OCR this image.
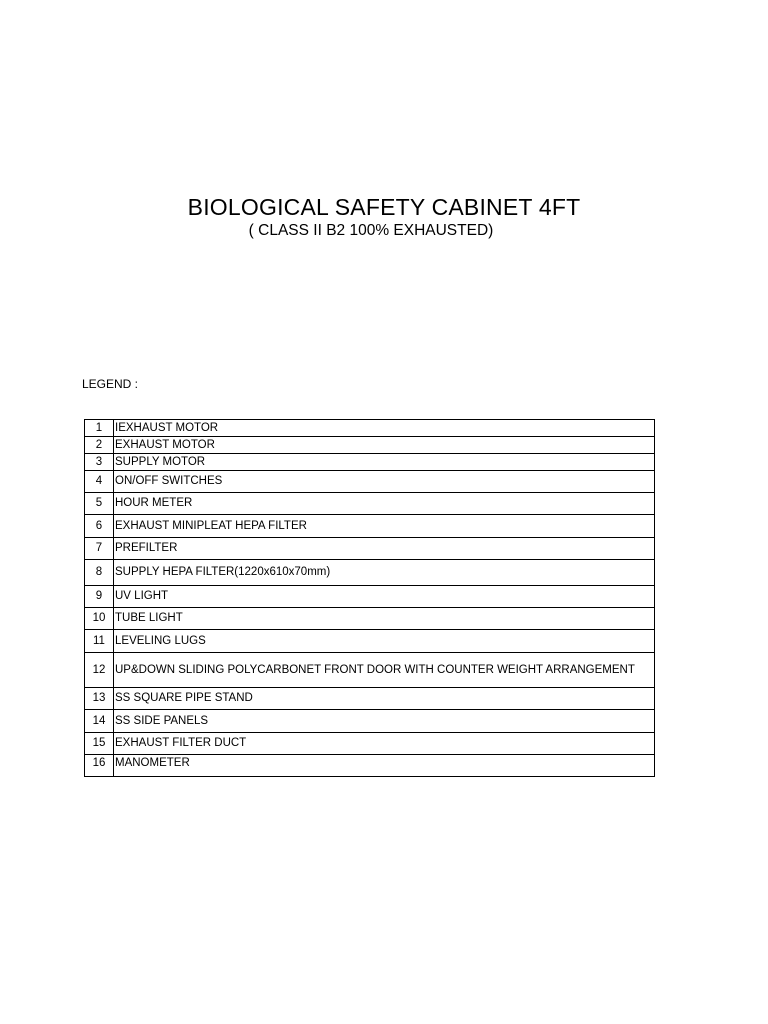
BIOLOGICAL SAFETY CABINET 4FT
( CLASS II B2 100% EXHAUSTED)
LEGEND :
1	IEXHAUST MOTOR
2	EXHAUST MOTOR
3	SUPPLY MOTOR
4	ON/OFF SWITCHES
5	HOUR METER
6	EXHAUST MINIPLEAT HEPA FILTER
7	PREFILTER
8	SUPPLY HEPA FILTER(1220x610x70mm)
9	UV LIGHT
10	TUBE LIGHT
11	LEVELING LUGS
12	UP&DOWN SLIDING POLYCARBONET FRONT DOOR WITH COUNTER WEIGHT ARRANGEMENT
13	SS SQUARE PIPE STAND
14	SS SIDE PANELS
15	EXHAUST FILTER DUCT
16	MANOMETER
